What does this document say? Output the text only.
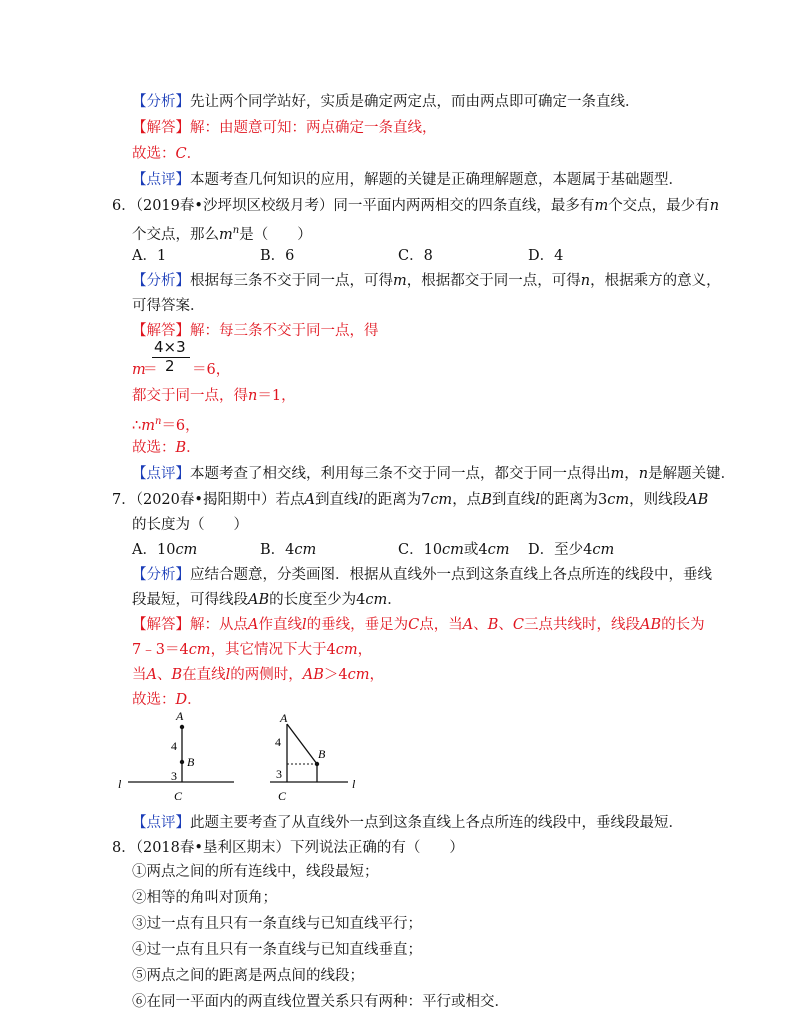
【分析】先让两个同学站好，实质是确定两定点，而由两点即可确定一条直线．
【解答】解：由题意可知：两点确定一条直线，
故选：C．
【点评】本题考查几何知识的应用，解题的关键是正确理解题意，本题属于基础题型．
6．（2019春•沙坪坝区校级月考）同一平面内两两相交的四条直线，最多有m个交点，最少有n
个交点，那么$m^n$是（　　）
A．1	B．6	C．8	D．4
【分析】根据每三条不交于同一点，可得m，根据都交于同一点，可得n，根据乘方的意义，
可得答案．
【解答】解：每三条不交于同一点，得
m
＝
4×3
2 ＝6，
都交于同一点，得n＝1，
$\therefore m^n=6$，
故选：B．
【点评】本题考查了相交线，利用每三条不交于同一点，都交于同一点得出m，n是解题关键．
7．（2020春•揭阳期中）若点A到直线l的距离为7cm，点B到直线l的距离为3cm，则线段AB
的长度为（　　）
A．10cm	B．4cm	C．10cm或4cm D．至少4cm
【分析】应结合题意，分类画图．根据从直线外一点到这条直线上各点所连的线段中，垂线
段最短，可得线段AB的长度至少为4cm．
【解答】解：从点A作直线l的垂线，垂足为C点，当A、B、C三点共线时，线段AB的长为
7﹣3＝4cm，其它情况下大于4cm，
当A、B在直线l的两侧时，AB＞4cm，
故选：D．
A
4
B
3
C
l
A
4
B
3
C
l
【点评】此题主要考查了从直线外一点到这条直线上各点所连的线段中，垂线段最短．
8．（2018春•垦利区期末）下列说法正确的有（　　）
①两点之间的所有连线中，线段最短；
②相等的角叫对顶角；
③过一点有且只有一条直线与已知直线平行；
④过一点有且只有一条直线与已知直线垂直；
⑤两点之间的距离是两点间的线段；
⑥在同一平面内的两直线位置关系只有两种：平行或相交．
